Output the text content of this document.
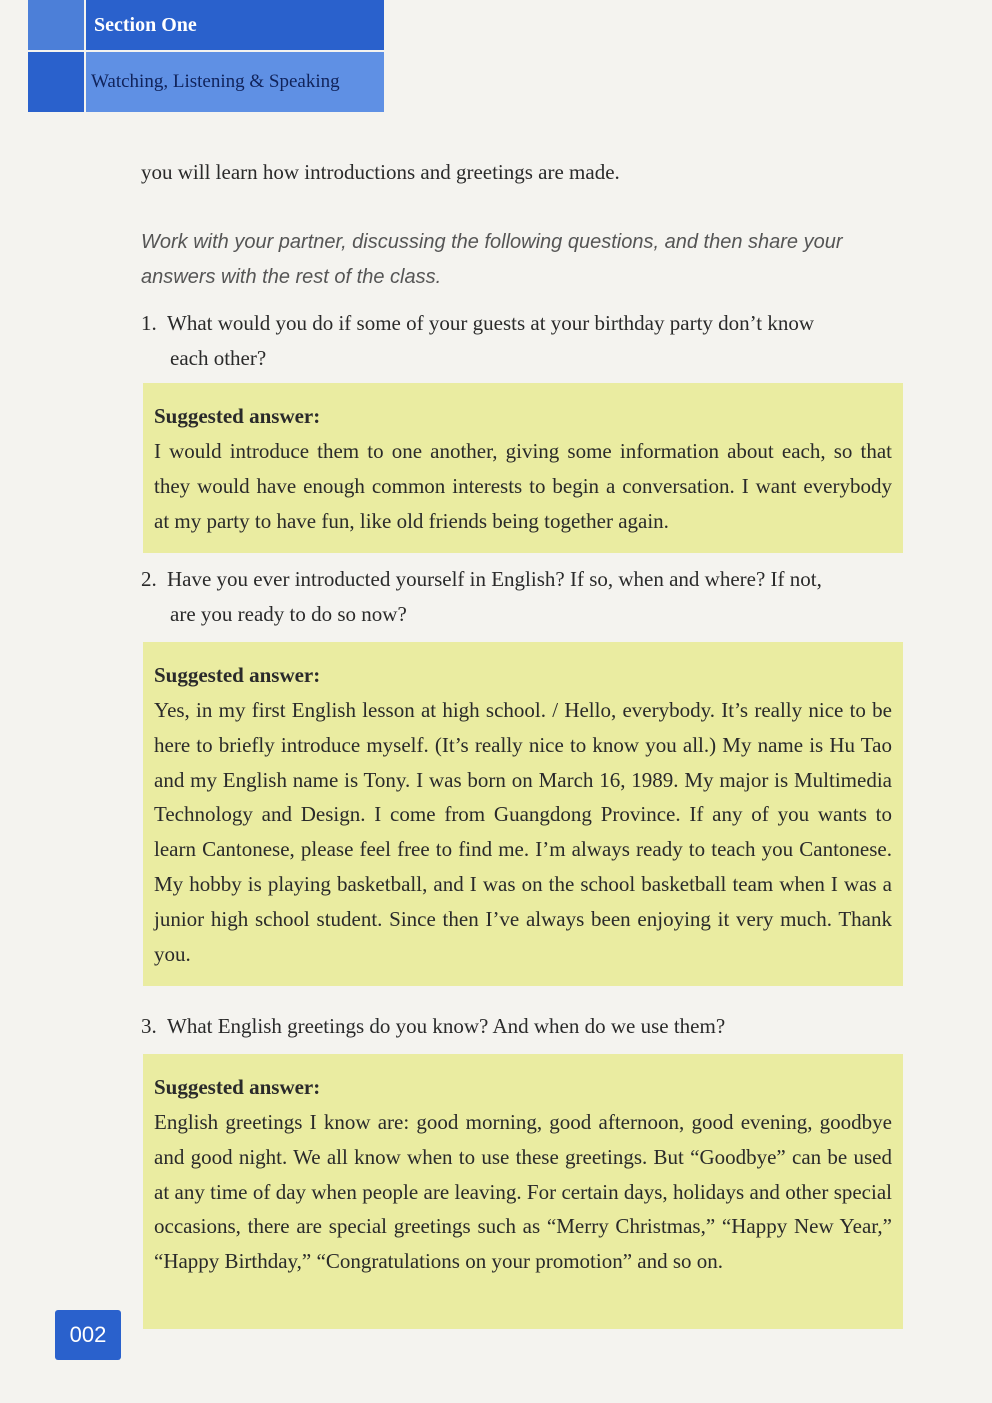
Section One
Watching, Listening & Speaking

you will learn how introductions and greetings are made.

Work with your partner, discussing the following questions, and then share your answers with the rest of the class.

1. What would you do if some of your guests at your birthday party don’t know
each other?
Suggested answer:
I would introduce them to one another, giving some information about each, so that they would have enough common interests to begin a conversation. I want everybody at my party to have fun, like old friends being together again.
2. Have you ever introducted yourself in English? If so, when and where? If not,
are you ready to do so now?
Suggested answer:
Yes, in my first English lesson at high school. / Hello, everybody. It’s really nice to be here to briefly introduce myself. (It’s really nice to know you all.) My name is Hu Tao and my English name is Tony. I was born on March 16, 1989. My major is Multimedia Technology and Design. I come from Guangdong Province. If any of you wants to learn Cantonese, please feel free to find me. I’m always ready to teach you Cantonese. My hobby is playing basketball, and I was on the school basketball team when I was a junior high school student. Since then I’ve always been enjoying it very much. Thank you.
3. What English greetings do you know? And when do we use them?
Suggested answer:
English greetings I know are: good morning, good afternoon, good evening, goodbye and good night. We all know when to use these greetings. But “Goodbye” can be used at any time of day when people are leaving. For certain days, holidays and other special occasions, there are special greetings such as “Merry Christmas,” “Happy New Year,” “Happy Birthday,” “Congratulations on your promotion” and so on.
002
